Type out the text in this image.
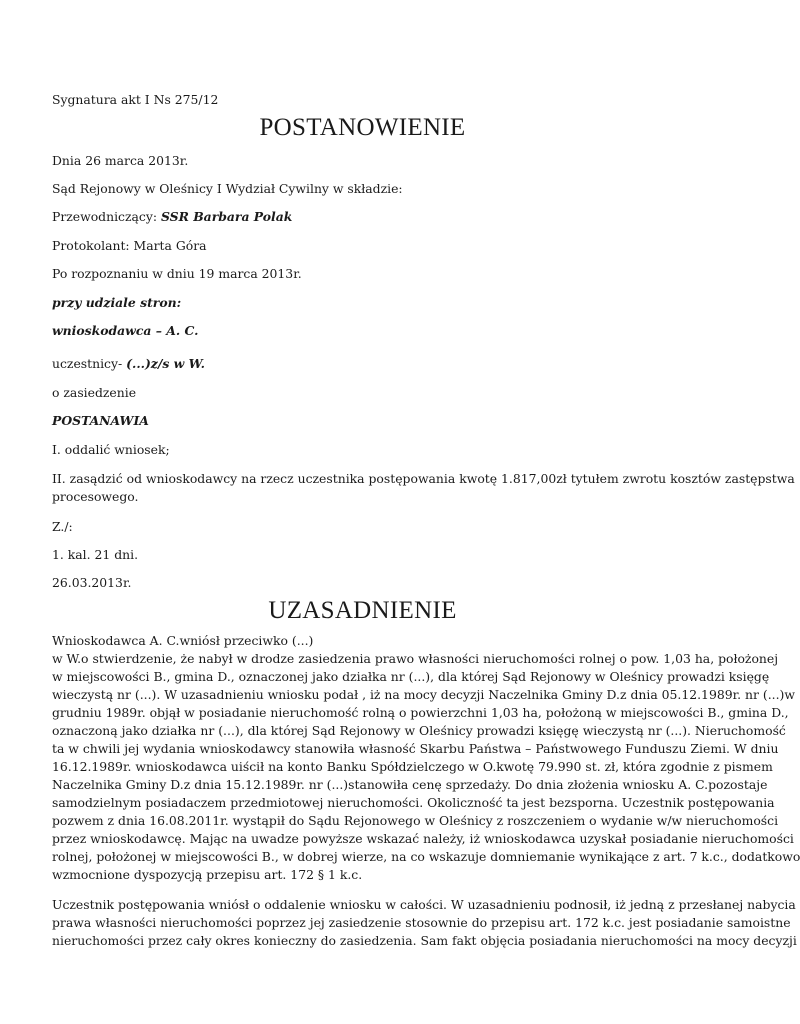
Sygnatura akt I Ns 275/12

POSTANOWIENIE

Dnia 26 marca 2013r.

Sąd Rejonowy w Oleśnicy I Wydział Cywilny w składzie:

Przewodniczący: SSR Barbara Polak

Protokolant: Marta Góra

Po rozpoznaniu w dniu 19 marca 2013r.

przy udziale stron:

wnioskodawca – A. C.

uczestnicy- (...)z/s w W.

o zasiedzenie

POSTANAWIA

I. oddalić wniosek;

II. zasądzić od wnioskodawcy na rzecz uczestnika postępowania kwotę 1.817,00zł tytułem zwrotu kosztów zastępstwa

procesowego.

Z./:

1. kal. 21 dni.

26.03.2013r.

UZASADNIENIE

Wnioskodawca A. C.wniósł przeciwko (...)

w W.o stwierdzenie, że nabył w drodze zasiedzenia prawo własności nieruchomości rolnej o pow. 1,03 ha, położonej

w miejscowości B., gmina D., oznaczonej jako działka nr (...), dla której Sąd Rejonowy w Oleśnicy prowadzi księgę

wieczystą nr (...). W uzasadnieniu wniosku podał , iż na mocy decyzji Naczelnika Gminy D.z dnia 05.12.1989r. nr (...)w

grudniu 1989r. objął w posiadanie nieruchomość rolną o powierzchni 1,03 ha, położoną w miejscowości B., gmina D.,

oznaczoną jako działka nr (...), dla której Sąd Rejonowy w Oleśnicy prowadzi księgę wieczystą nr (...). Nieruchomość

ta w chwili jej wydania wnioskodawcy stanowiła własność Skarbu Państwa – Państwowego Funduszu Ziemi. W dniu

16.12.1989r. wnioskodawca uiścił na konto Banku Spółdzielczego w O.kwotę 79.990 st. zł, która zgodnie z pismem

Naczelnika Gminy D.z dnia 15.12.1989r. nr (...)stanowiła cenę sprzedaży. Do dnia złożenia wniosku A. C.pozostaje

samodzielnym posiadaczem przedmiotowej nieruchomości. Okoliczność ta jest bezsporna. Uczestnik postępowania

pozwem z dnia 16.08.2011r. wystąpił do Sądu Rejonowego w Oleśnicy z roszczeniem o wydanie w/w nieruchomości

przez wnioskodawcę. Mając na uwadze powyższe wskazać należy, iż wnioskodawca uzyskał posiadanie nieruchomości

rolnej, położonej w miejscowości B., w dobrej wierze, na co wskazuje domniemanie wynikające z art. 7 k.c., dodatkowo

wzmocnione dyspozycją przepisu art. 172 § 1 k.c.

Uczestnik postępowania wniósł o oddalenie wniosku w całości. W uzasadnieniu podnosił, iż jedną z przesłanej nabycia

prawa własności nieruchomości poprzez jej zasiedzenie stosownie do przepisu art. 172 k.c. jest posiadanie samoistne

nieruchomości przez cały okres konieczny do zasiedzenia. Sam fakt objęcia posiadania nieruchomości na mocy decyzji
